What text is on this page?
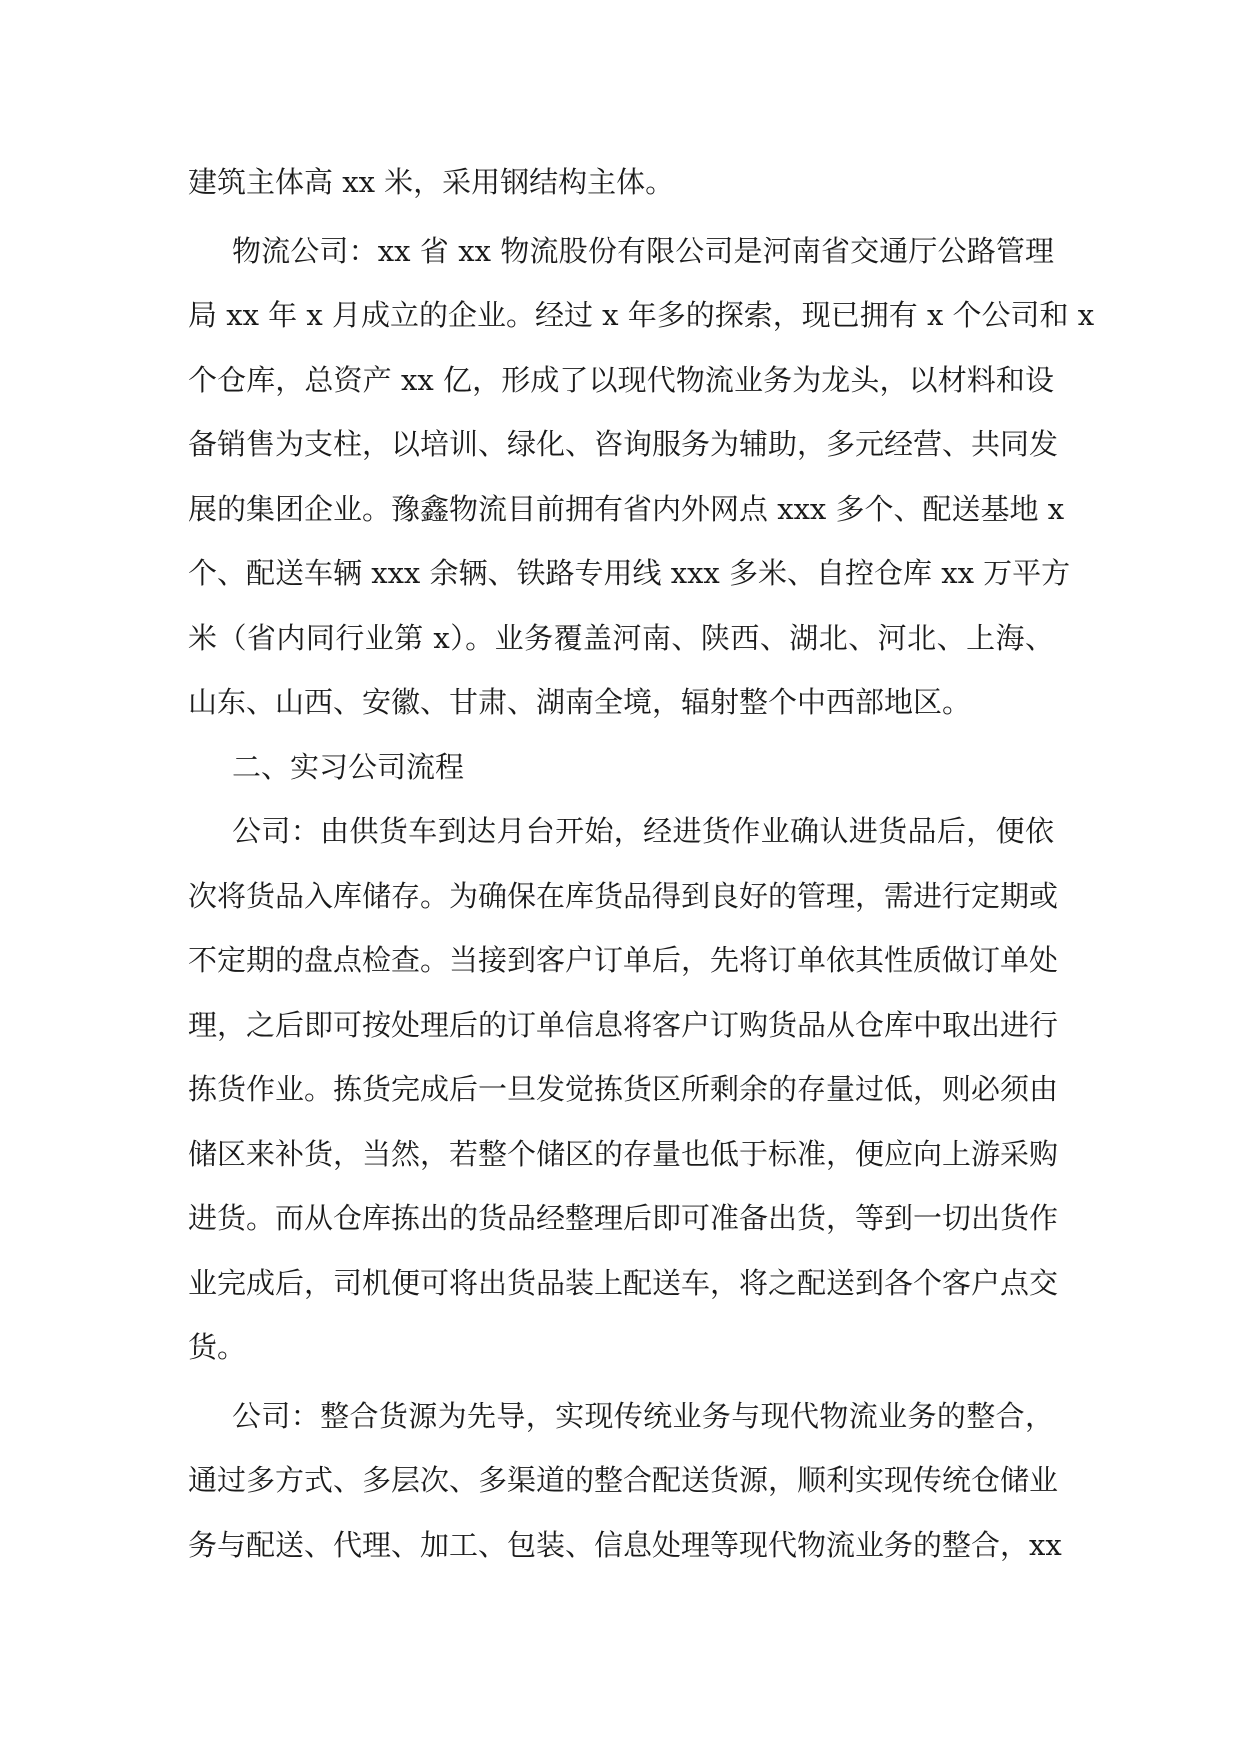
建筑主体高 xx 米，采用钢结构主体。
物流公司：xx 省 xx 物流股份有限公司是河南省交通厅公路管理
局 xx 年 x 月成立的企业。经过 x 年多的探索，现已拥有 x 个公司和 x
个仓库，总资产 xx 亿，形成了以现代物流业务为龙头，以材料和设
备销售为支柱，以培训、绿化、咨询服务为辅助，多元经营、共同发
展的集团企业。豫鑫物流目前拥有省内外网点 xxx 多个、配送基地 x
个、配送车辆 xxx 余辆、铁路专用线 xxx 多米、自控仓库 xx 万平方
米（省内同行业第 x）。业务覆盖河南、陕西、湖北、河北、上海、
山东、山西、安徽、甘肃、湖南全境，辐射整个中西部地区。
二、实习公司流程
公司：由供货车到达月台开始，经进货作业确认进货品后，便依
次将货品入库储存。为确保在库货品得到良好的管理，需进行定期或
不定期的盘点检查。当接到客户订单后，先将订单依其性质做订单处
理，之后即可按处理后的订单信息将客户订购货品从仓库中取出进行
拣货作业。拣货完成后一旦发觉拣货区所剩余的存量过低，则必须由
储区来补货，当然，若整个储区的存量也低于标准，便应向上游采购
进货。而从仓库拣出的货品经整理后即可准备出货，等到一切出货作
业完成后，司机便可将出货品装上配送车，将之配送到各个客户点交
货。
公司：整合货源为先导，实现传统业务与现代物流业务的整合，
通过多方式、多层次、多渠道的整合配送货源，顺利实现传统仓储业
务与配送、代理、加工、包装、信息处理等现代物流业务的整合，xx
